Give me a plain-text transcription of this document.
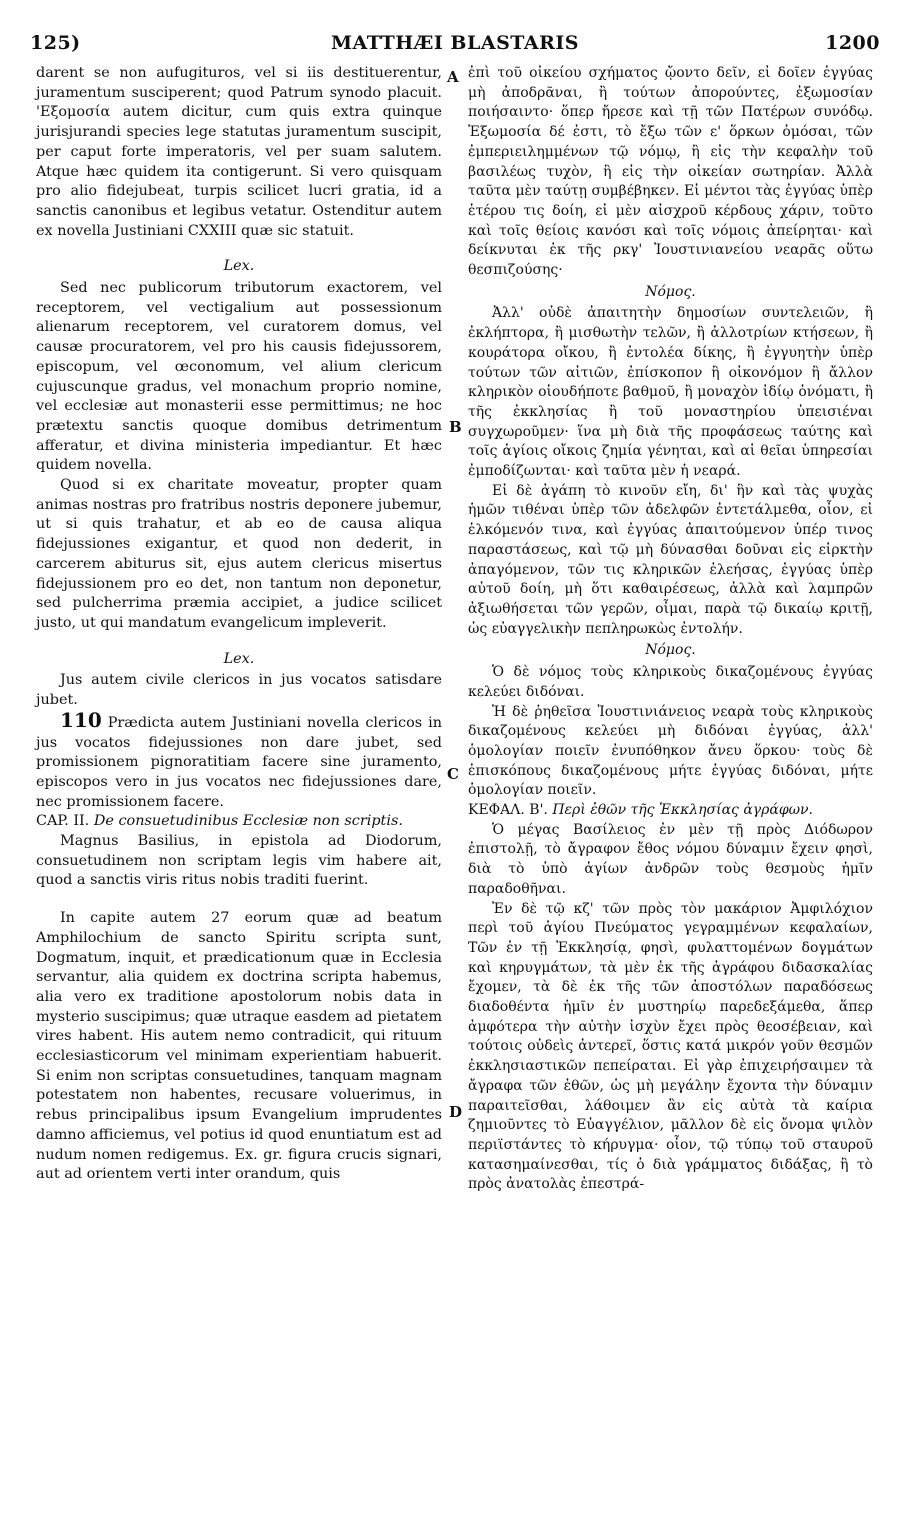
125)	MATTHÆI BLASTARIS	1200
A
B
C
D

darent se non aufugituros, vel si iis destituerentur, juramentum susciperent; quod Patrum synodo placuit. 'Εξομοσία autem dicitur, cum quis extra quinque jurisjurandi species lege statutas juramentum suscipit, per caput forte imperatoris, vel per suam salutem. Atque hæc quidem ita contigerunt. Si vero quisquam pro alio fidejubeat, turpis scilicet lucri gratia, id a sanctis canonibus et legibus vetatur. Ostenditur autem ex novella Justiniani CXXIII quæ sic statuit.

Lex.

Sed nec publicorum tributorum exactorem, vel receptorem, vel vectigalium aut possessionum alienarum receptorem, vel curatorem domus, vel causæ procuratorem, vel pro his causis fidejussorem, episcopum, vel œconomum, vel alium clericum cujuscunque gradus, vel monachum proprio nomine, vel ecclesiæ aut monasterii esse permittimus; ne hoc prætextu sanctis quoque domibus detrimentum afferatur, et divina ministeria impediantur. Et hæc quidem novella.

Quod si ex charitate moveatur, propter quam animas nostras pro fratribus nostris deponere jubemur, ut si quis trahatur, et ab eo de causa aliqua fidejussiones exigantur, et quod non dederit, in carcerem abiturus sit, ejus autem clericus misertus fidejussionem pro eo det, non tantum non deponetur, sed pulcherrima præmia accipiet, a judice scilicet justo, ut qui mandatum evangelicum impleverit.

Lex.

Jus autem civile clericos in jus vocatos satisdare jubet.

110 Prædicta autem Justiniani novella clericos in jus vocatos fidejussiones non dare jubet, sed promissionem pignoratitiam facere sine juramento, episcopos vero in jus vocatos nec fidejussiones dare, nec promissionem facere.

CAP. II. De consuetudinibus Ecclesiæ non scriptis.

Magnus Basilius, in epistola ad Diodorum, consuetudinem non scriptam legis vim habere ait, quod a sanctis viris ritus nobis traditi fuerint.

In capite autem 27 eorum quæ ad beatum Amphilochium de sancto Spiritu scripta sunt, Dogmatum, inquit, et prædicationum quæ in Ecclesia servantur, alia quidem ex doctrina scripta habemus, alia vero ex traditione apostolorum nobis data in mysterio suscipimus; quæ utraque easdem ad pietatem vires habent. His autem nemo contradicit, qui rituum ecclesiasticorum vel minimam experientiam habuerit. Si enim non scriptas consuetudines, tanquam magnam potestatem non habentes, recusare voluerimus, in rebus principalibus ipsum Evangelium imprudentes damno afficiemus, vel potius id quod enuntiatum est ad nudum nomen redigemus. Ex. gr. figura crucis signari, aut ad orientem verti inter orandum, quis

ἐπὶ τοῦ οἰκείου σχήματος ᾤοντο δεῖν, εἰ δοῖεν ἐγγύας μὴ ἀποδρᾶναι, ἢ τούτων ἀπορούντες, ἐξωμοσίαν ποιήσαιντο· ὅπερ ἤρεσε καὶ τῇ τῶν Πατέρων συνόδῳ. Ἐξωμοσία δέ ἐστι, τὸ ἔξω τῶν ε' ὅρκων ὀμόσαι, τῶν ἐμπεριειλημμένων τῷ νόμῳ, ἢ εἰς τὴν κεφαλὴν τοῦ βασιλέως τυχὸν, ἢ εἰς τὴν οἰκείαν σωτηρίαν. Ἀλλὰ ταῦτα μὲν ταύτῃ συμβέβηκεν. Εἰ μέντοι τὰς ἐγγύας ὑπὲρ ἑτέρου τις δοίη, εἰ μὲν αἰσχροῦ κέρδους χάριν, τοῦτο καὶ τοῖς θείοις κανόσι καὶ τοῖς νόμοις ἀπείρηται· καὶ δείκνυται ἐκ τῆς ρκγ' Ἰουστινιανείου νεαρᾶς οὕτω θεσπιζούσης·

Νόμος.

Ἀλλ' οὐδὲ ἀπαιτητὴν δημοσίων συντελειῶν, ἢ ἐκλήπτορα, ἢ μισθωτὴν τελῶν, ἢ ἀλλοτρίων κτήσεων, ἢ κουράτορα οἴκου, ἢ ἐντολέα δίκης, ἢ ἐγγυητὴν ὑπὲρ τούτων τῶν αἰτιῶν, ἐπίσκοπον ἢ οἰκονόμον ἢ ἄλλον κληρικὸν οἱουδήποτε βαθμοῦ, ἢ μοναχὸν ἰδίῳ ὀνόματι, ἢ τῆς ἐκκλησίας ἢ τοῦ μοναστηρίου ὑπεισιέναι συγχωροῦμεν· ἵνα μὴ διὰ τῆς προφάσεως ταύτης καὶ τοῖς ἁγίοις οἴκοις ζημία γένηται, καὶ αἱ θεῖαι ὑπηρεσίαι ἐμποδίζωνται· καὶ ταῦτα μὲν ἡ νεαρά.

Εἰ δὲ ἀγάπη τὸ κινοῦν εἴη, δι' ἣν καὶ τὰς ψυχὰς ἡμῶν τιθέναι ὑπὲρ τῶν ἀδελφῶν ἐντετάλμεθα, οἷον, εἰ ἑλκόμενόν τινα, καὶ ἐγγύας ἀπαιτούμενον ὑπέρ τινος παραστάσεως, καὶ τῷ μὴ δύνασθαι δοῦναι εἰς εἱρκτὴν ἀπαγόμενον, τῶν τις κληρικῶν ἐλεήσας, ἐγγύας ὑπὲρ αὐτοῦ δοίη, μὴ ὅτι καθαιρέσεως, ἀλλὰ καὶ λαμπρῶν ἀξιωθήσεται τῶν γερῶν, οἶμαι, παρὰ τῷ δικαίῳ κριτῇ, ὡς εὐαγγελικὴν πεπληρωκὼς ἐντολήν.

Νόμος.

Ὁ δὲ νόμος τοὺς κληρικοὺς δικαζομένους ἐγγύας κελεύει διδόναι.

Ἡ δὲ ῥηθεῖσα Ἰουστινιάνειος νεαρὰ τοὺς κληρικοὺς δικαζομένους κελεύει μὴ διδόναι ἐγγύας, ἀλλ' ὁμολογίαν ποιεῖν ἐνυπόθηκον ἄνευ ὅρκου· τοὺς δὲ ἐπισκόπους δικαζομένους μήτε ἐγγύας διδόναι, μήτε ὁμολογίαν ποιεῖν.

ΚΕΦΑΛ. Β'. Περὶ ἐθῶν τῆς Ἐκκλησίας ἀγράφων.

Ὁ μέγας Βασίλειος ἐν μὲν τῇ πρὸς Διόδωρον ἐπιστολῇ, τὸ ἄγραφον ἔθος νόμου δύναμιν ἔχειν φησὶ, διὰ τὸ ὑπὸ ἁγίων ἀνδρῶν τοὺς θεσμοὺς ἡμῖν παραδοθῆναι.

Ἐν δὲ τῷ κζ' τῶν πρὸς τὸν μακάριον Ἀμφιλόχιον περὶ τοῦ ἁγίου Πνεύματος γεγραμμένων κεφαλαίων, Τῶν ἐν τῇ Ἐκκλησίᾳ, φησὶ, φυλαττομένων δογμάτων καὶ κηρυγμάτων, τὰ μὲν ἐκ τῆς ἀγράφου διδασκαλίας ἔχομεν, τὰ δὲ ἐκ τῆς τῶν ἀποστόλων παραδόσεως διαδοθέντα ἡμῖν ἐν μυστηρίῳ παρεδεξάμεθα, ἅπερ ἀμφότερα τὴν αὐτὴν ἰσχὺν ἔχει πρὸς θεοσέβειαν, καὶ τούτοις οὐδεὶς ἀντερεῖ, ὅστις κατά μικρόν γοῦν θεσμῶν ἐκκλησιαστικῶν πεπείραται. Εἰ γὰρ ἐπιχειρήσαιμεν τὰ ἄγραφα τῶν ἐθῶν, ὡς μὴ μεγάλην ἔχοντα τὴν δύναμιν παραιτεῖσθαι, λάθοιμεν ἂν εἰς αὐτὰ τὰ καίρια ζημιοῦντες τὸ Εὐαγγέλιον, μᾶλλον δὲ εἰς ὄνομα ψιλὸν περιϊστάντες τὸ κήρυγμα· οἷον, τῷ τύπῳ τοῦ σταυροῦ κατασημαίνεσθαι, τίς ὁ διὰ γράμματος διδάξας, ἢ τὸ πρὸς ἀνατολὰς ἐπεστρά-
